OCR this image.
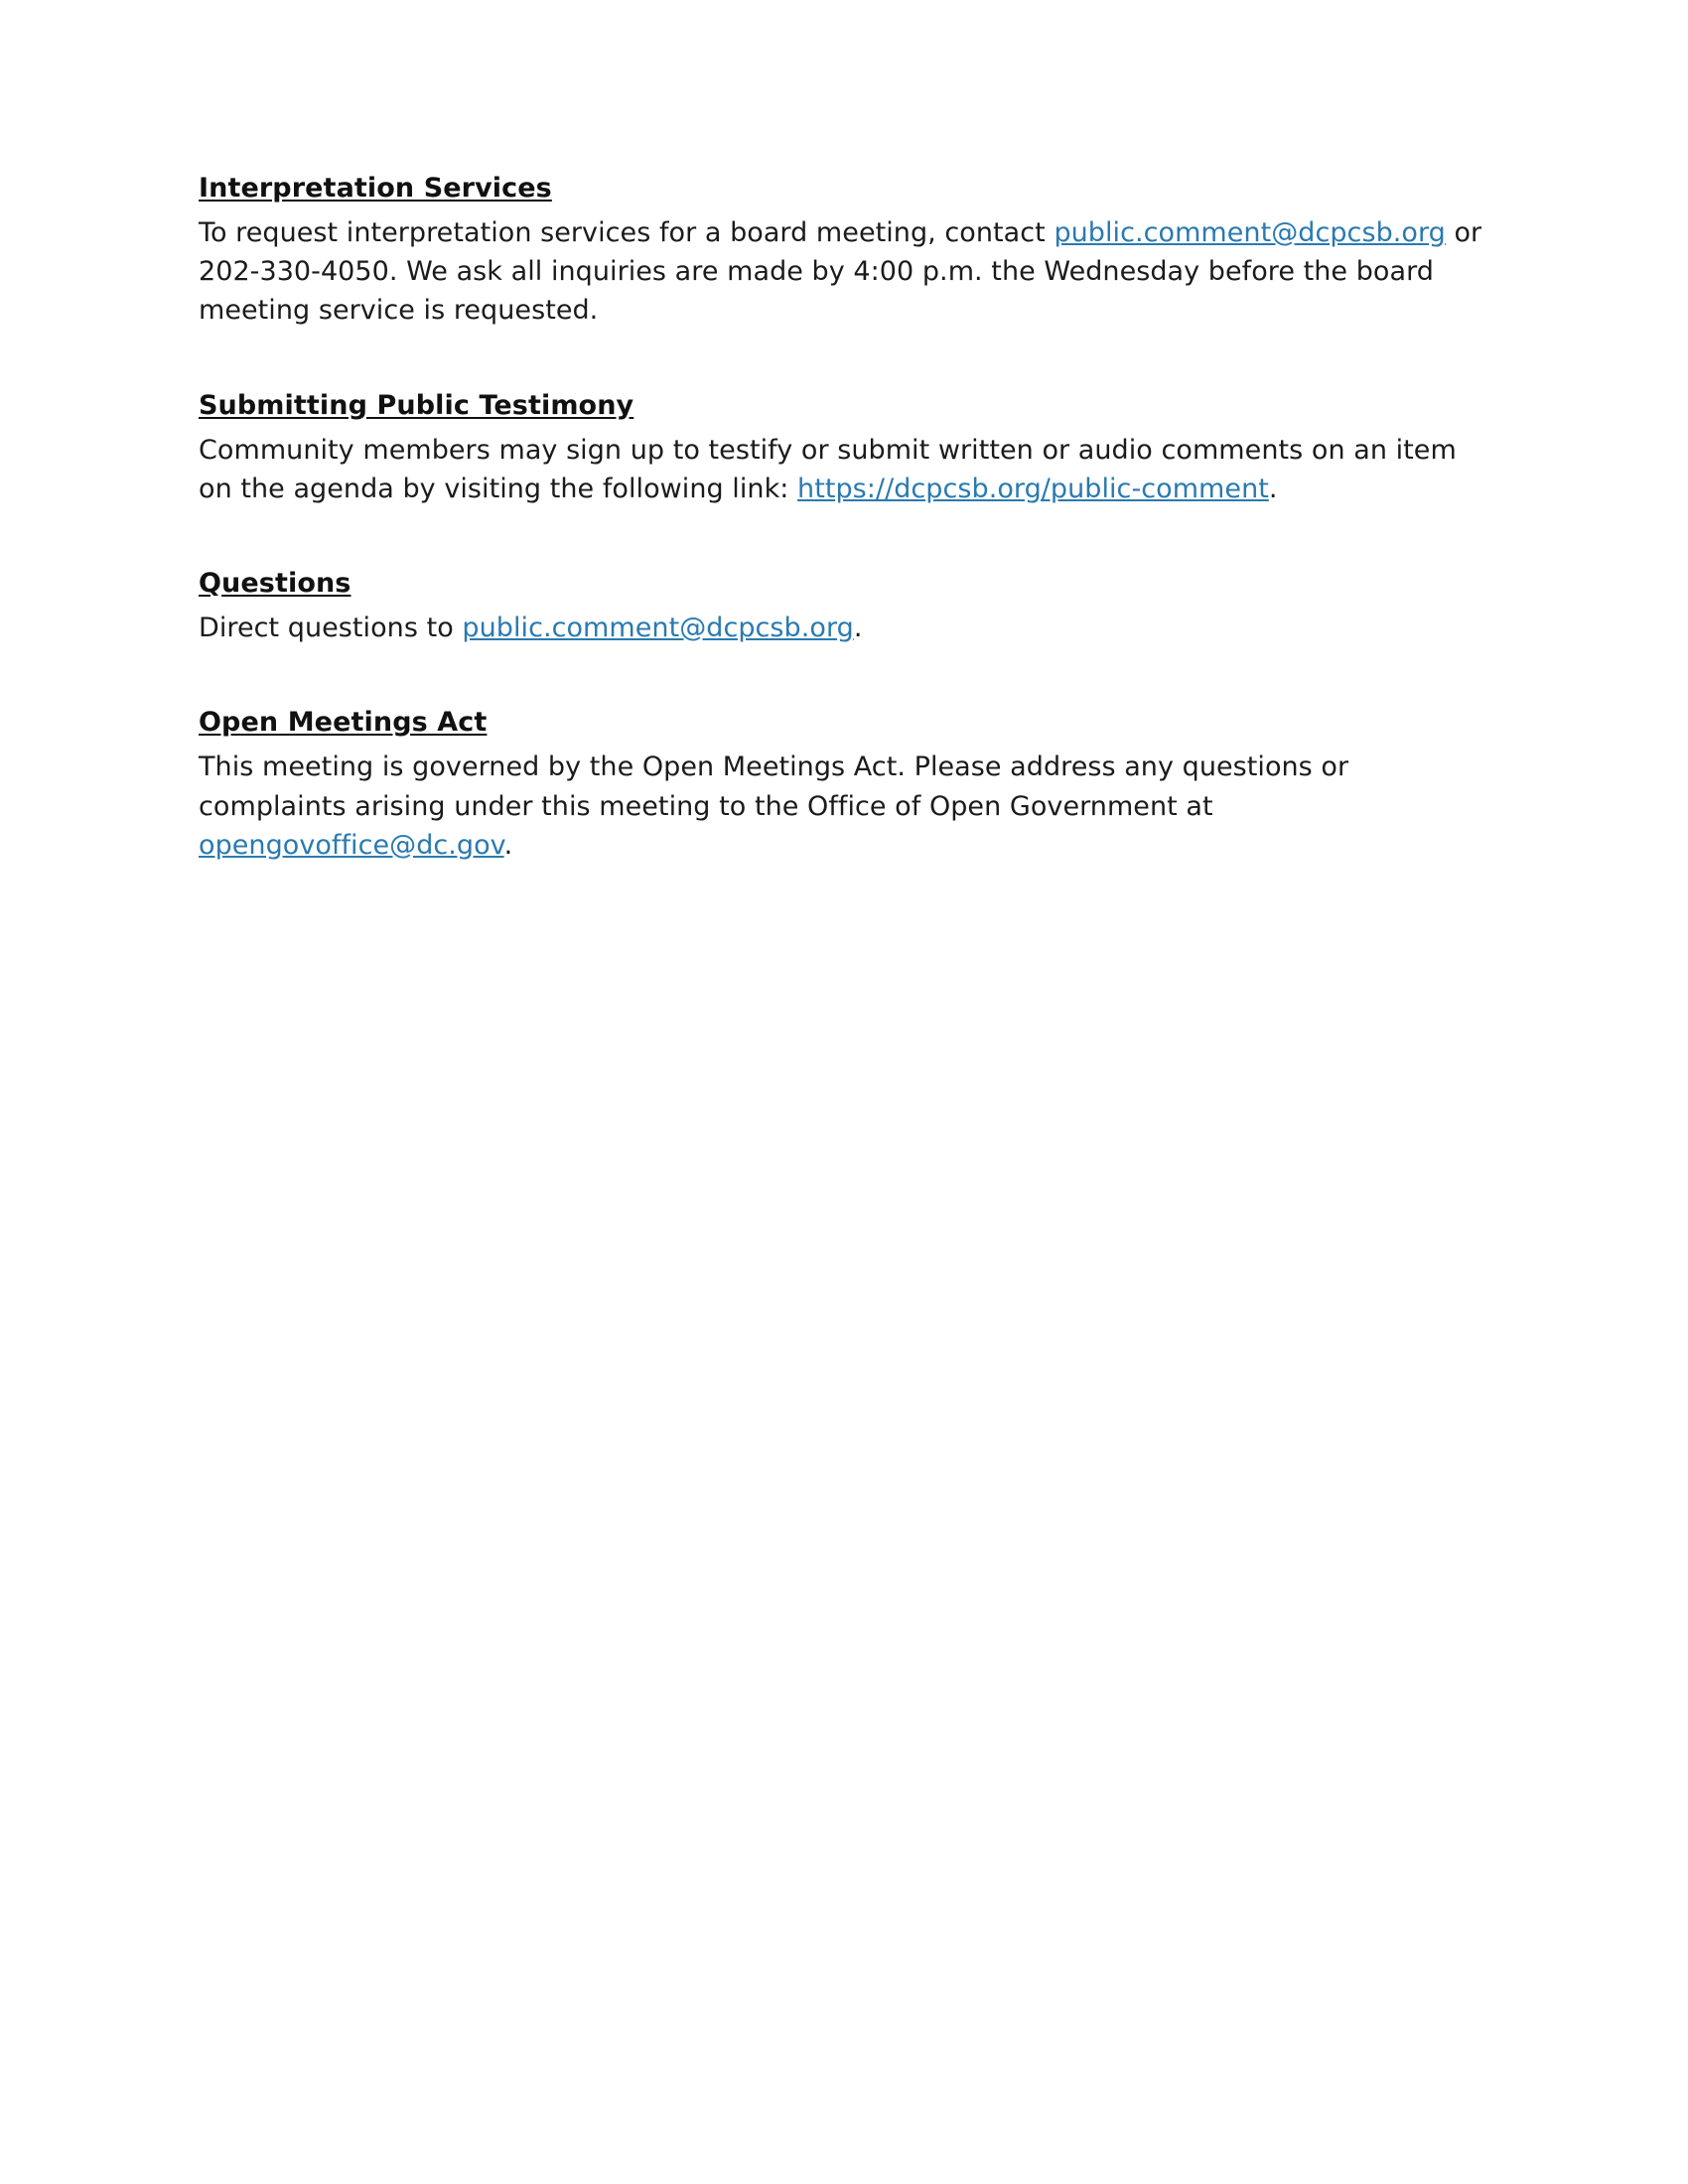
Interpretation Services

To request interpretation services for a board meeting, contact public.comment@dcpcsb.org or 202-330-4050. We ask all inquiries are made by 4:00 p.m. the Wednesday before the board meeting service is requested.

Submitting Public Testimony

Community members may sign up to testify or submit written or audio comments on an item on the agenda by visiting the following link: https://dcpcsb.org/public-comment.

Questions

Direct questions to public.comment@dcpcsb.org.

Open Meetings Act

This meeting is governed by the Open Meetings Act. Please address any questions or complaints arising under this meeting to the Office of Open Government at opengovoffice@dc.gov.
